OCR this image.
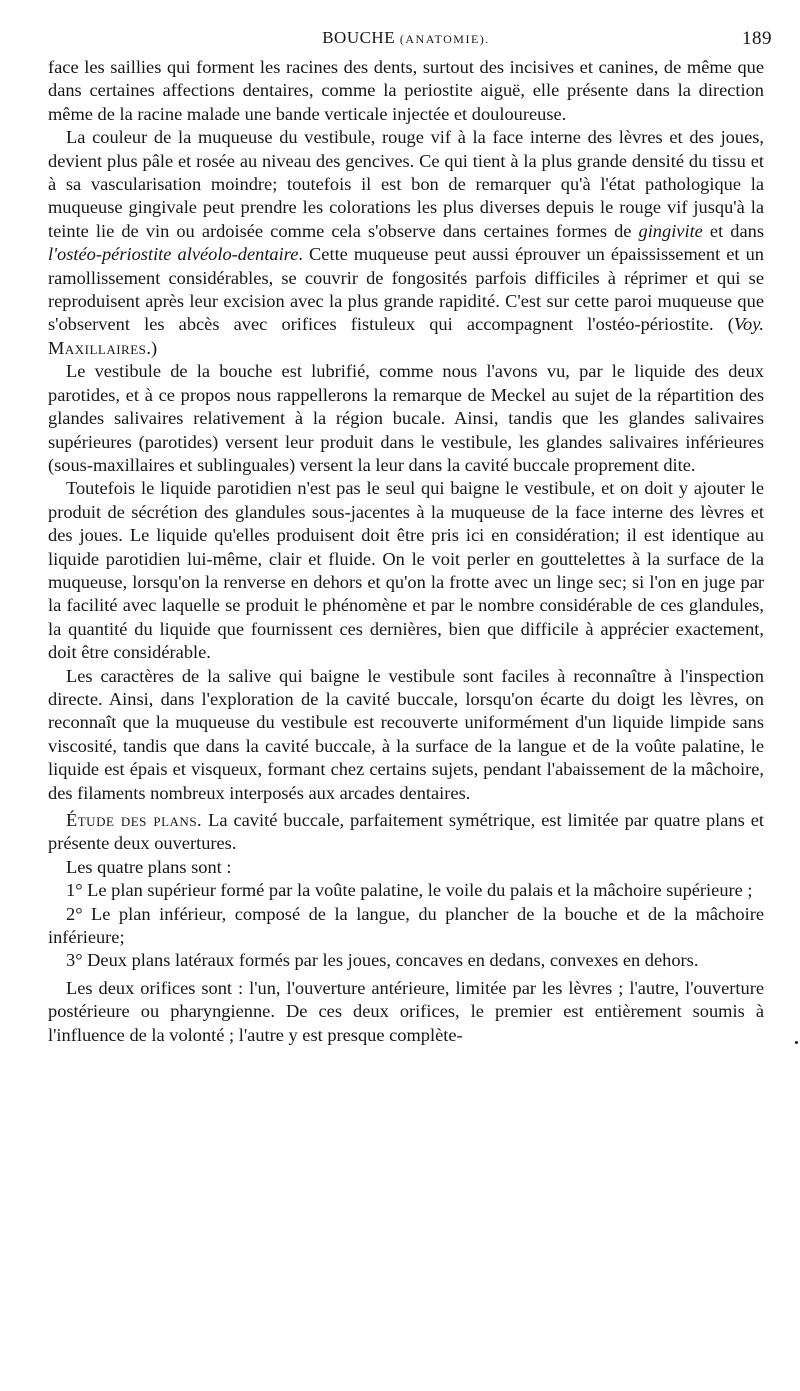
BOUCHE (ANATOMIE).	189

face les saillies qui forment les racines des dents, surtout des incisives et canines, de même que dans certaines affections dentaires, comme la periostite aiguë, elle présente dans la direction même de la racine malade une bande verticale injectée et douloureuse.

La couleur de la muqueuse du vestibule, rouge vif à la face interne des lèvres et des joues, devient plus pâle et rosée au niveau des gencives. Ce qui tient à la plus grande densité du tissu et à sa vascularisation moindre; toutefois il est bon de remarquer qu'à l'état pathologique la muqueuse gingivale peut prendre les colorations les plus diverses depuis le rouge vif jusqu'à la teinte lie de vin ou ardoisée comme cela s'observe dans certaines formes de gingivite et dans l'ostéo-périostite alvéolo-dentaire. Cette muqueuse peut aussi éprouver un épaississement et un ramollissement considérables, se couvrir de fongosités parfois difficiles à réprimer et qui se reproduisent après leur excision avec la plus grande rapidité. C'est sur cette paroi muqueuse que s'observent les abcès avec orifices fistuleux qui accompagnent l'ostéo-périostite. (Voy. Maxillaires.)

Le vestibule de la bouche est lubrifié, comme nous l'avons vu, par le liquide des deux parotides, et à ce propos nous rappellerons la remarque de Meckel au sujet de la répartition des glandes salivaires relativement à la région bucale. Ainsi, tandis que les glandes salivaires supérieures (parotides) versent leur produit dans le vestibule, les glandes salivaires inférieures (sous-maxillaires et sublinguales) versent la leur dans la cavité buccale proprement dite.

Toutefois le liquide parotidien n'est pas le seul qui baigne le vestibule, et on doit y ajouter le produit de sécrétion des glandules sous-jacentes à la muqueuse de la face interne des lèvres et des joues. Le liquide qu'elles produisent doit être pris ici en considération; il est identique au liquide parotidien lui-même, clair et fluide. On le voit perler en gouttelettes à la surface de la muqueuse, lorsqu'on la renverse en dehors et qu'on la frotte avec un linge sec; si l'on en juge par la facilité avec laquelle se produit le phénomène et par le nombre considérable de ces glandules, la quantité du liquide que fournissent ces dernières, bien que difficile à apprécier exactement, doit être considérable.

Les caractères de la salive qui baigne le vestibule sont faciles à reconnaître à l'inspection directe. Ainsi, dans l'exploration de la cavité buccale, lorsqu'on écarte du doigt les lèvres, on reconnaît que la muqueuse du vestibule est recouverte uniformément d'un liquide limpide sans viscosité, tandis que dans la cavité buccale, à la surface de la langue et de la voûte palatine, le liquide est épais et visqueux, formant chez certains sujets, pendant l'abaissement de la mâchoire, des filaments nombreux interposés aux arcades dentaires.

Étude des plans. La cavité buccale, parfaitement symétrique, est limitée par quatre plans et présente deux ouvertures.

Les quatre plans sont :

1° Le plan supérieur formé par la voûte palatine, le voile du palais et la mâchoire supérieure ;

2° Le plan inférieur, composé de la langue, du plancher de la bouche et de la mâchoire inférieure;

3° Deux plans latéraux formés par les joues, concaves en dedans, convexes en dehors.

Les deux orifices sont : l'un, l'ouverture antérieure, limitée par les lèvres ; l'autre, l'ouverture postérieure ou pharyngienne. De ces deux orifices, le premier est entièrement soumis à l'influence de la volonté ; l'autre y est presque complète-
